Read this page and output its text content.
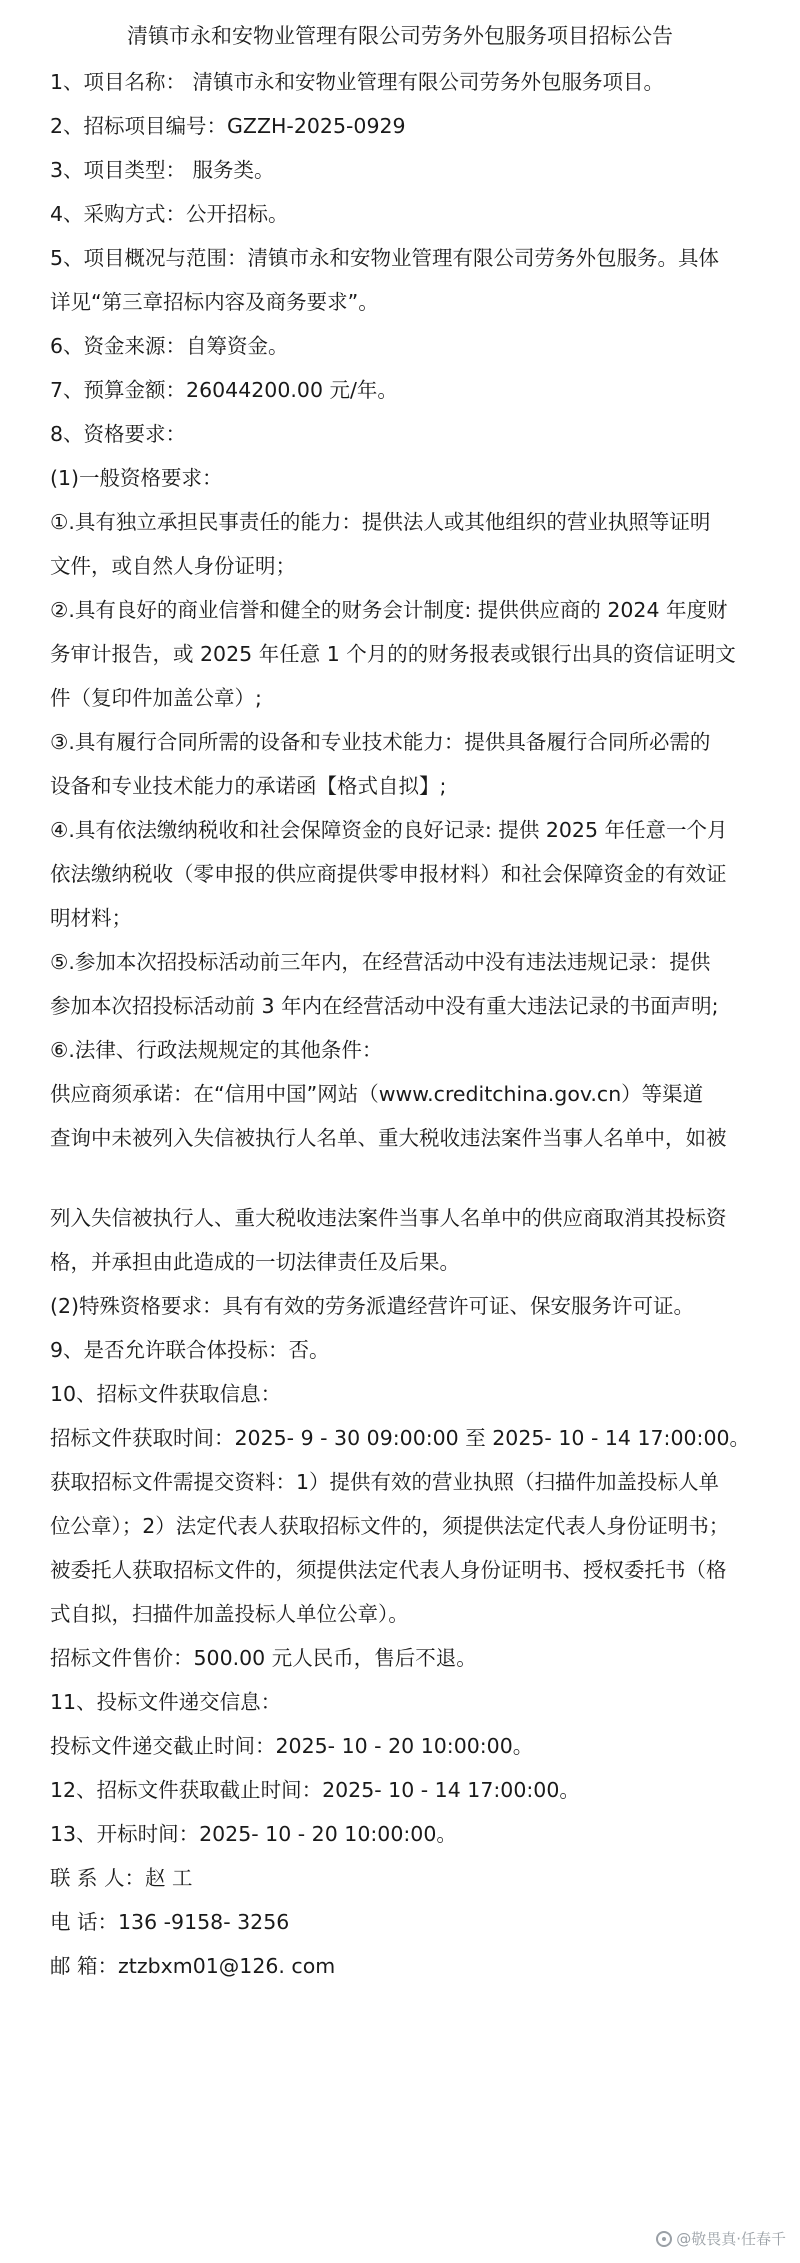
清镇市永和安物业管理有限公司劳务外包服务项目招标公告
1、项目名称： 清镇市永和安物业管理有限公司劳务外包服务项目。
2、招标项目编号：GZZH-2025-0929
3、项目类型： 服务类。
4、采购方式：公开招标。
5、项目概况与范围：清镇市永和安物业管理有限公司劳务外包服务。具体
详见“第三章招标内容及商务要求”。
6、资金来源：自筹资金。
7、预算金额：26044200.00 元/年。
8、资格要求：
(1)一般资格要求：
①.具有独立承担民事责任的能力：提供法人或其他组织的营业执照等证明
文件，或自然人身份证明；
②.具有良好的商业信誉和健全的财务会计制度: 提供供应商的 2024 年度财
务审计报告，或 2025 年任意 1 个月的的财务报表或银行出具的资信证明文
件（复印件加盖公章）;
③.具有履行合同所需的设备和专业技术能力：提供具备履行合同所必需的
设备和专业技术能力的承诺函【格式自拟】;
④.具有依法缴纳税收和社会保障资金的良好记录: 提供 2025 年任意一个月
依法缴纳税收（零申报的供应商提供零申报材料）和社会保障资金的有效证
明材料；
⑤.参加本次招投标活动前三年内，在经营活动中没有违法违规记录：提供
参加本次招投标活动前 3 年内在经营活动中没有重大违法记录的书面声明;
⑥.法律、行政法规规定的其他条件：
供应商须承诺：在“信用中国”网站（www.creditchina.gov.cn）等渠道
查询中未被列入失信被执行人名单、重大税收违法案件当事人名单中，如被
列入失信被执行人、重大税收违法案件当事人名单中的供应商取消其投标资
格，并承担由此造成的一切法律责任及后果。
(2)特殊资格要求：具有有效的劳务派遣经营许可证、保安服务许可证。
9、是否允许联合体投标：否。
10、招标文件获取信息：
招标文件获取时间：2025- 9 - 30 09:00:00 至 2025- 10 - 14 17:00:00。
获取招标文件需提交资料：1）提供有效的营业执照（扫描件加盖投标人单
位公章）；2）法定代表人获取招标文件的，须提供法定代表人身份证明书；
被委托人获取招标文件的，须提供法定代表人身份证明书、授权委托书（格
式自拟，扫描件加盖投标人单位公章）。
招标文件售价：500.00 元人民币，售后不退。
11、投标文件递交信息：
投标文件递交截止时间：2025- 10 - 20 10:00:00。
12、招标文件获取截止时间：2025- 10 - 14 17:00:00。
13、开标时间：2025- 10 - 20 10:00:00。
联 系 人：赵 工
电 话：136 -9158- 3256
邮 箱：ztzbxm01@126. com
@敬畏真·任春千
